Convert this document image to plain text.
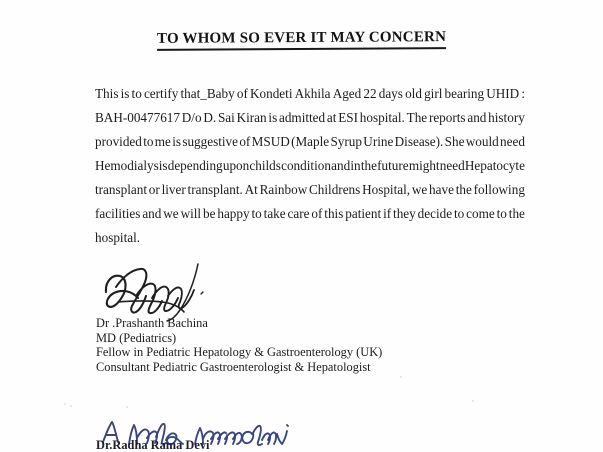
TO WHOM SO EVER IT MAY CONCERN
This is to certify that_Baby of Kondeti Akhila Aged 22 days old girl bearing UHID :
BAH-00477617 D/o D. Sai Kiran is admitted at ESI hospital. The reports and history
provided to me is suggestive of MSUD (Maple Syrup Urine Disease). She would need
Hemodialysis depending upon childs condition and in the future might need Hepatocyte
transplant or liver transplant. At Rainbow Childrens Hospital, we have the following
facilities and we will be happy to take care of this patient if they decide to come to the
hospital.
Dr .Prashanth Bachina
MD (Pediatrics)
Fellow in Pediatric Hepatology & Gastroenterology (UK)
Consultant Pediatric Gastroenterologist & Hepatologist
Dr.Radha Rama Devi
